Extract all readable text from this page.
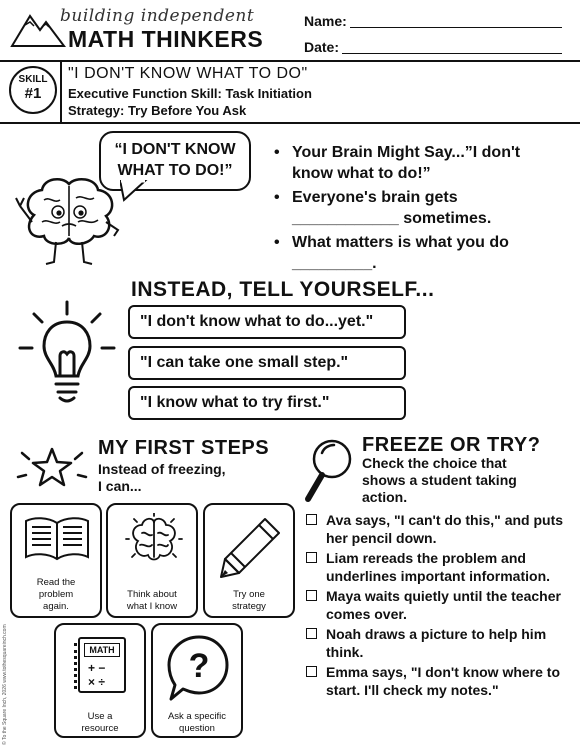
building independent
MATH THINKERS
Name:
Date:
SKILL
#1
"I DON'T KNOW WHAT TO DO"
Executive Function Skill: Task Initiation
Strategy: Try Before You Ask
“I DON'T KNOW
WHAT TO DO!”
• Your Brain Might Say...”I don't know what to do!”
• Everyone's brain gets ____________ sometimes.
• What matters is what you do _________.
INSTEAD, TELL YOURSELF...
"I don't know what to do...yet."
"I can take one small step."
"I know what to try first."
MY FIRST STEPS
Instead of freezing,
I can...
Read the
problem
again.
Think about
what I know
Try one
strategy
MATH
+ −
× ÷
Use a
resource
?
Ask a specific
question
FREEZE OR TRY?
Check the choice that
shows a student taking
action.
Ava says, "I can't do this," and puts her pencil down.
Liam rereads the problem and underlines important information.
Maya waits quietly until the teacher comes over.
Noah draws a picture to help him think.
Emma says, "I don't know where to start. I'll check my notes."
© To the Square Inch, 2026 www.tothesquareinch.com
